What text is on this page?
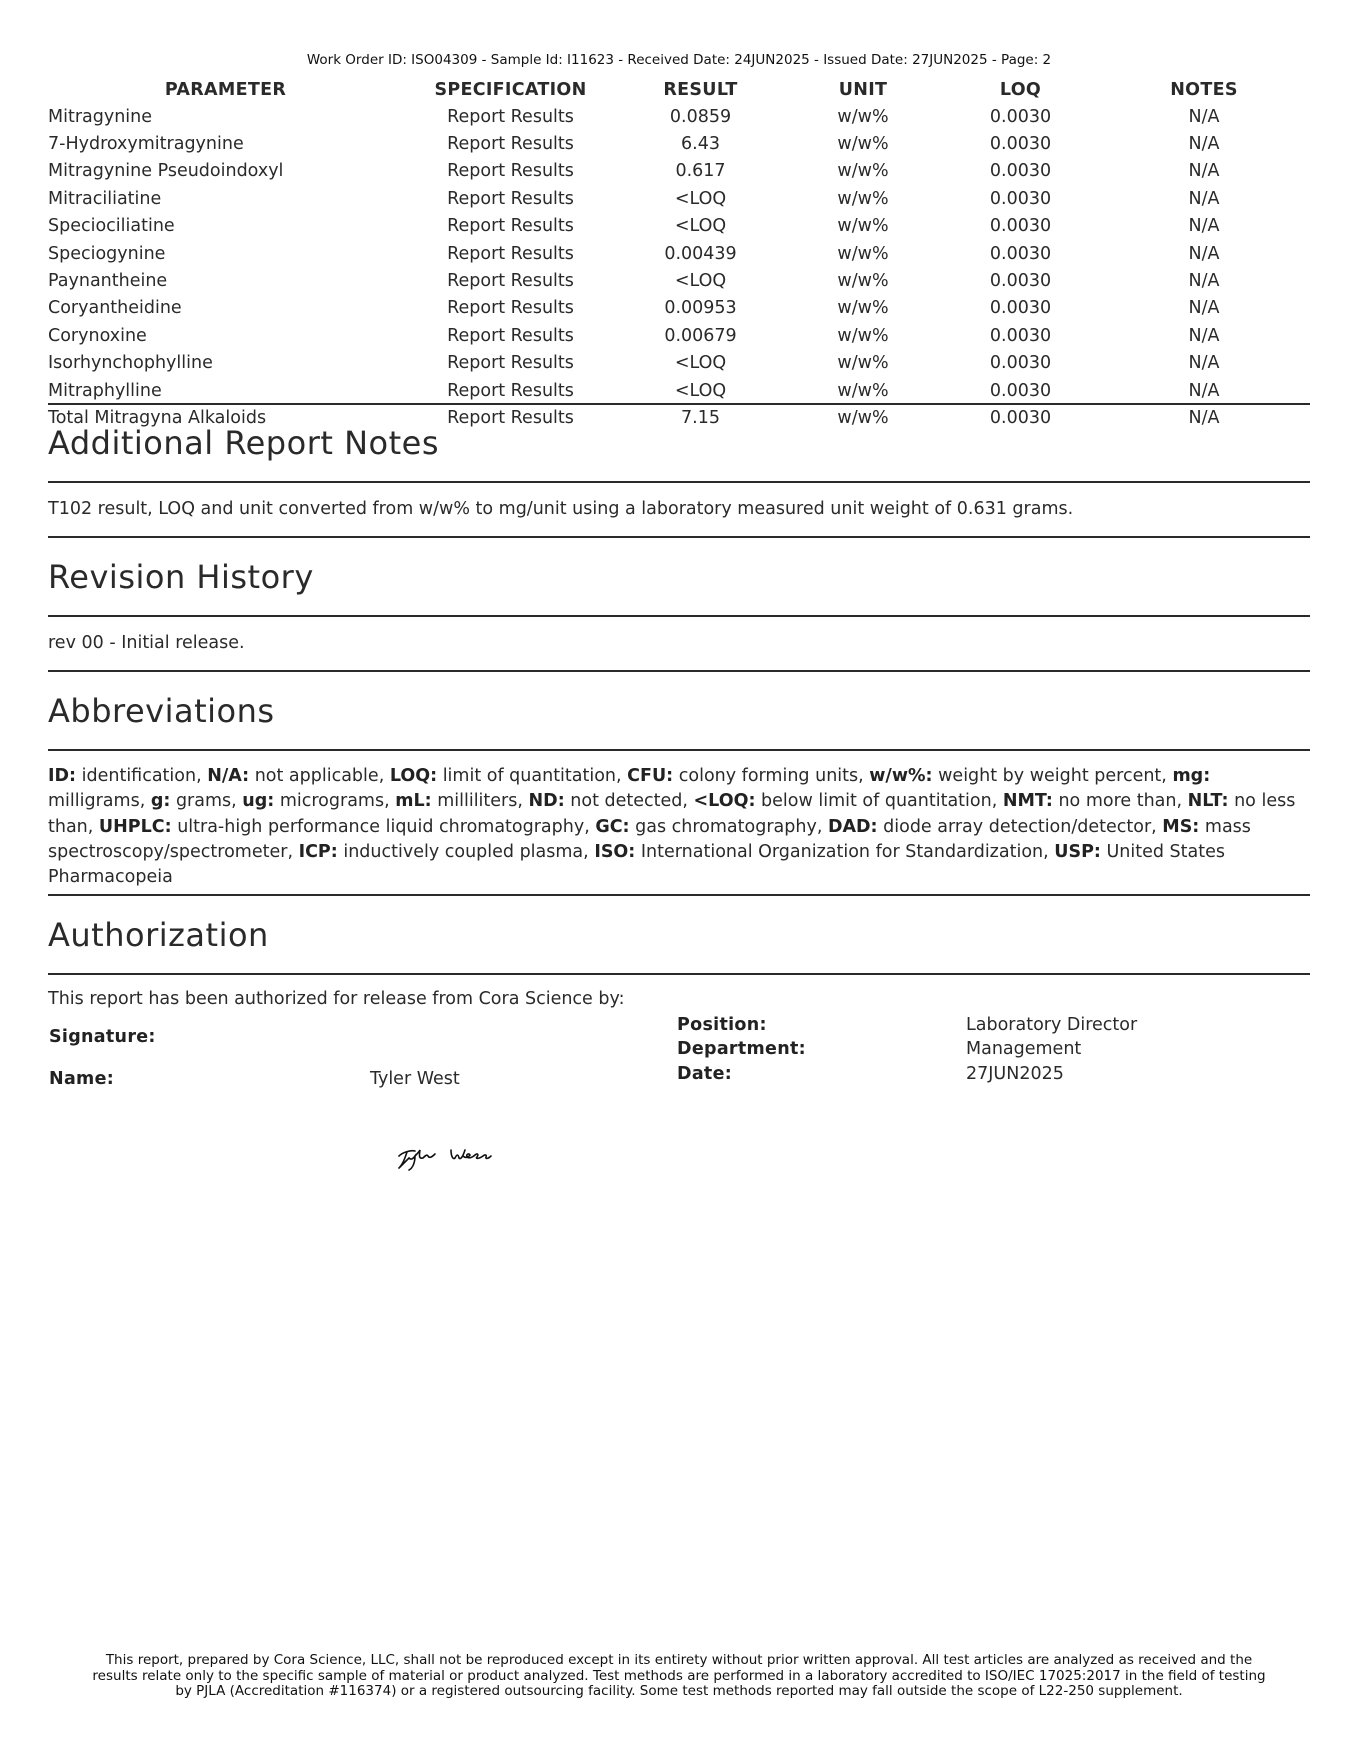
Work Order ID: ISO04309 - Sample Id: I11623 - Received Date: 24JUN2025 - Issued Date: 27JUN2025 - Page: 2
PARAMETER	SPECIFICATION	RESULT	UNIT	LOQ	NOTES
Mitragynine	Report Results	0.0859	w/w%	0.0030	N/A
7-Hydroxymitragynine	Report Results	6.43	w/w%	0.0030	N/A
Mitragynine Pseudoindoxyl	Report Results	0.617	w/w%	0.0030	N/A
Mitraciliatine	Report Results	<LOQ	w/w%	0.0030	N/A
Speciociliatine	Report Results	<LOQ	w/w%	0.0030	N/A
Speciogynine	Report Results	0.00439	w/w%	0.0030	N/A
Paynantheine	Report Results	<LOQ	w/w%	0.0030	N/A
Coryantheidine	Report Results	0.00953	w/w%	0.0030	N/A
Corynoxine	Report Results	0.00679	w/w%	0.0030	N/A
Isorhynchophylline	Report Results	<LOQ	w/w%	0.0030	N/A
Mitraphylline	Report Results	<LOQ	w/w%	0.0030	N/A
Total Mitragyna Alkaloids	Report Results	7.15	w/w%	0.0030	N/A
Additional Report Notes
T102 result, LOQ and unit converted from w/w% to mg/unit using a laboratory measured unit weight of 0.631 grams.
Revision History
rev 00 - Initial release.
Abbreviations
ID: identification, N/A: not applicable, LOQ: limit of quantitation, CFU: colony forming units, w/w%: weight by weight percent, mg: milligrams, g: grams, ug: micrograms, mL: milliliters, ND: not detected, <LOQ: below limit of quantitation, NMT: no more than, NLT: no less than, UHPLC: ultra-high performance liquid chromatography, GC: gas chromatography, DAD: diode array detection/detector, MS: mass spectroscopy/spectrometer, ICP: inductively coupled plasma, ISO: International Organization for Standardization, USP: United States Pharmacopeia
Authorization
This report has been authorized for release from Cora Science by:
Signature:
Name:	Tyler West
Position:	Laboratory Director
Department:	Management
Date:	27JUN2025
This report, prepared by Cora Science, LLC, shall not be reproduced except in its entirety without prior written approval. All test articles are analyzed as received and the
results relate only to the specific sample of material or product analyzed. Test methods are performed in a laboratory accredited to ISO/IEC 17025:2017 in the field of testing
by PJLA (Accreditation #116374) or a registered outsourcing facility. Some test methods reported may fall outside the scope of L22-250 supplement.
